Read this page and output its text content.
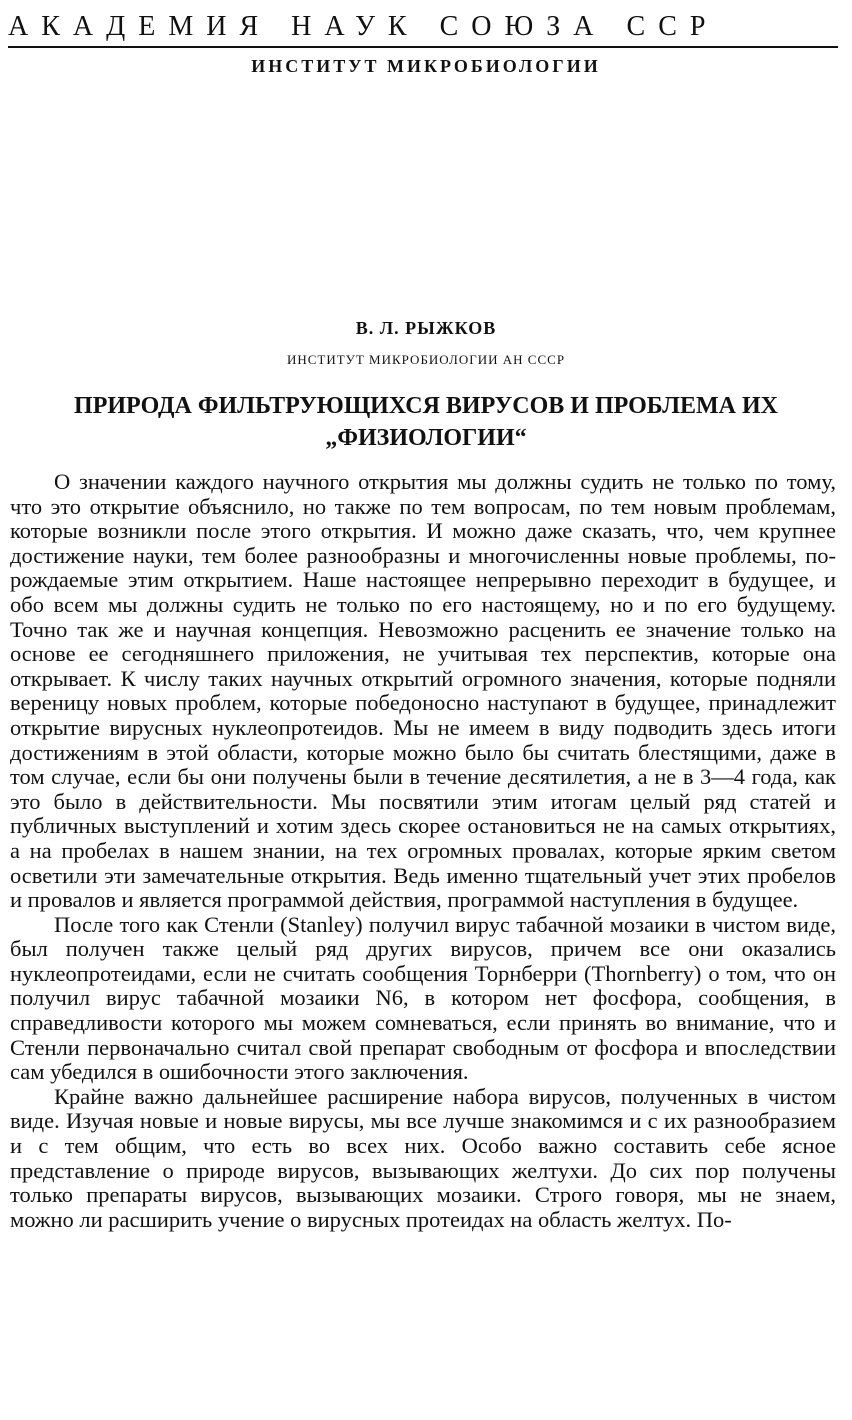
АКАДЕМИЯ НАУК СОЮЗА ССР
ИНСТИТУТ МИКРОБИОЛОГИИ
В. Л. РЫЖКОВ
ИНСТИТУТ МИКРОБИОЛОГИИ АН СССР
ПРИРОДА ФИЛЬТРУЮЩИХСЯ ВИРУСОВ И ПРОБЛЕМА ИХ
„ФИЗИОЛОГИИ“

О значении каждого научного открытия мы должны судить не только по тому, что это открытие объяснило, но также по тем вопросам, по тем новым проблемам, которые возникли после этого открытия. И можно даже сказать, что, чем крупнее достижение науки, тем более разнообразны и многочисленны новые проблемы, порождаемые этим открытием. Наше настоящее непрерывно переходит в будущее, и обо всем мы должны судить не только по его настоящему, но и по его будущему. Точно так же и научная концепция. Невозможно расценить ее значение только на основе ее сегодняшнего приложения, не учитывая тех перспектив, которые она открывает. К числу таких научных открытий огромного значения, которые подняли вереницу новых проблем, которые победоносно наступают в будущее, принадлежит открытие вирусных нуклеопротеидов. Мы не имеем в виду подводить здесь итоги достижениям в этой области, которые можно было бы считать блестящими, даже в том случае, если бы они получены были в течение десятилетия, а не в 3—4 года, как это было в действительности. Мы посвятили этим итогам целый ряд статей и публичных выступлений и хотим здесь скорее остановиться не на самых открытиях, а на пробелах в нашем знании, на тех огромных провалах, которые ярким светом осветили эти замечательные открытия. Ведь именно тщательный учет этих пробелов и провалов и является программой действия, программой наступления в будущее.

После того как Стенли (Stanley) получил вирус табачной мозаики в чистом виде, был получен также целый ряд других вирусов, причем все они оказались нуклеопротеидами, если не считать сообщения Торнберри (Thornberry) о том, что он получил вирус табачной мозаики N6, в котором нет фосфора, сообщения, в справедливости которого мы можем сомневаться, если принять во внимание, что и Стенли первоначально считал свой препарат свободным от фосфора и впоследствии сам убедился в ошибочности этого заключения.

Крайне важно дальнейшее расширение набора вирусов, полученных в чистом виде. Изучая новые и новые вирусы, мы все лучше знакомимся и с их разнообразием и с тем общим, что есть во всех них. Особо важно составить себе ясное представление о природе вирусов, вызывающих желтухи. До сих пор получены только препараты вирусов, вызывающих мозаики. Строго говоря, мы не знаем, можно ли расширить учение о вирусных протеидах на область желтух. По-
